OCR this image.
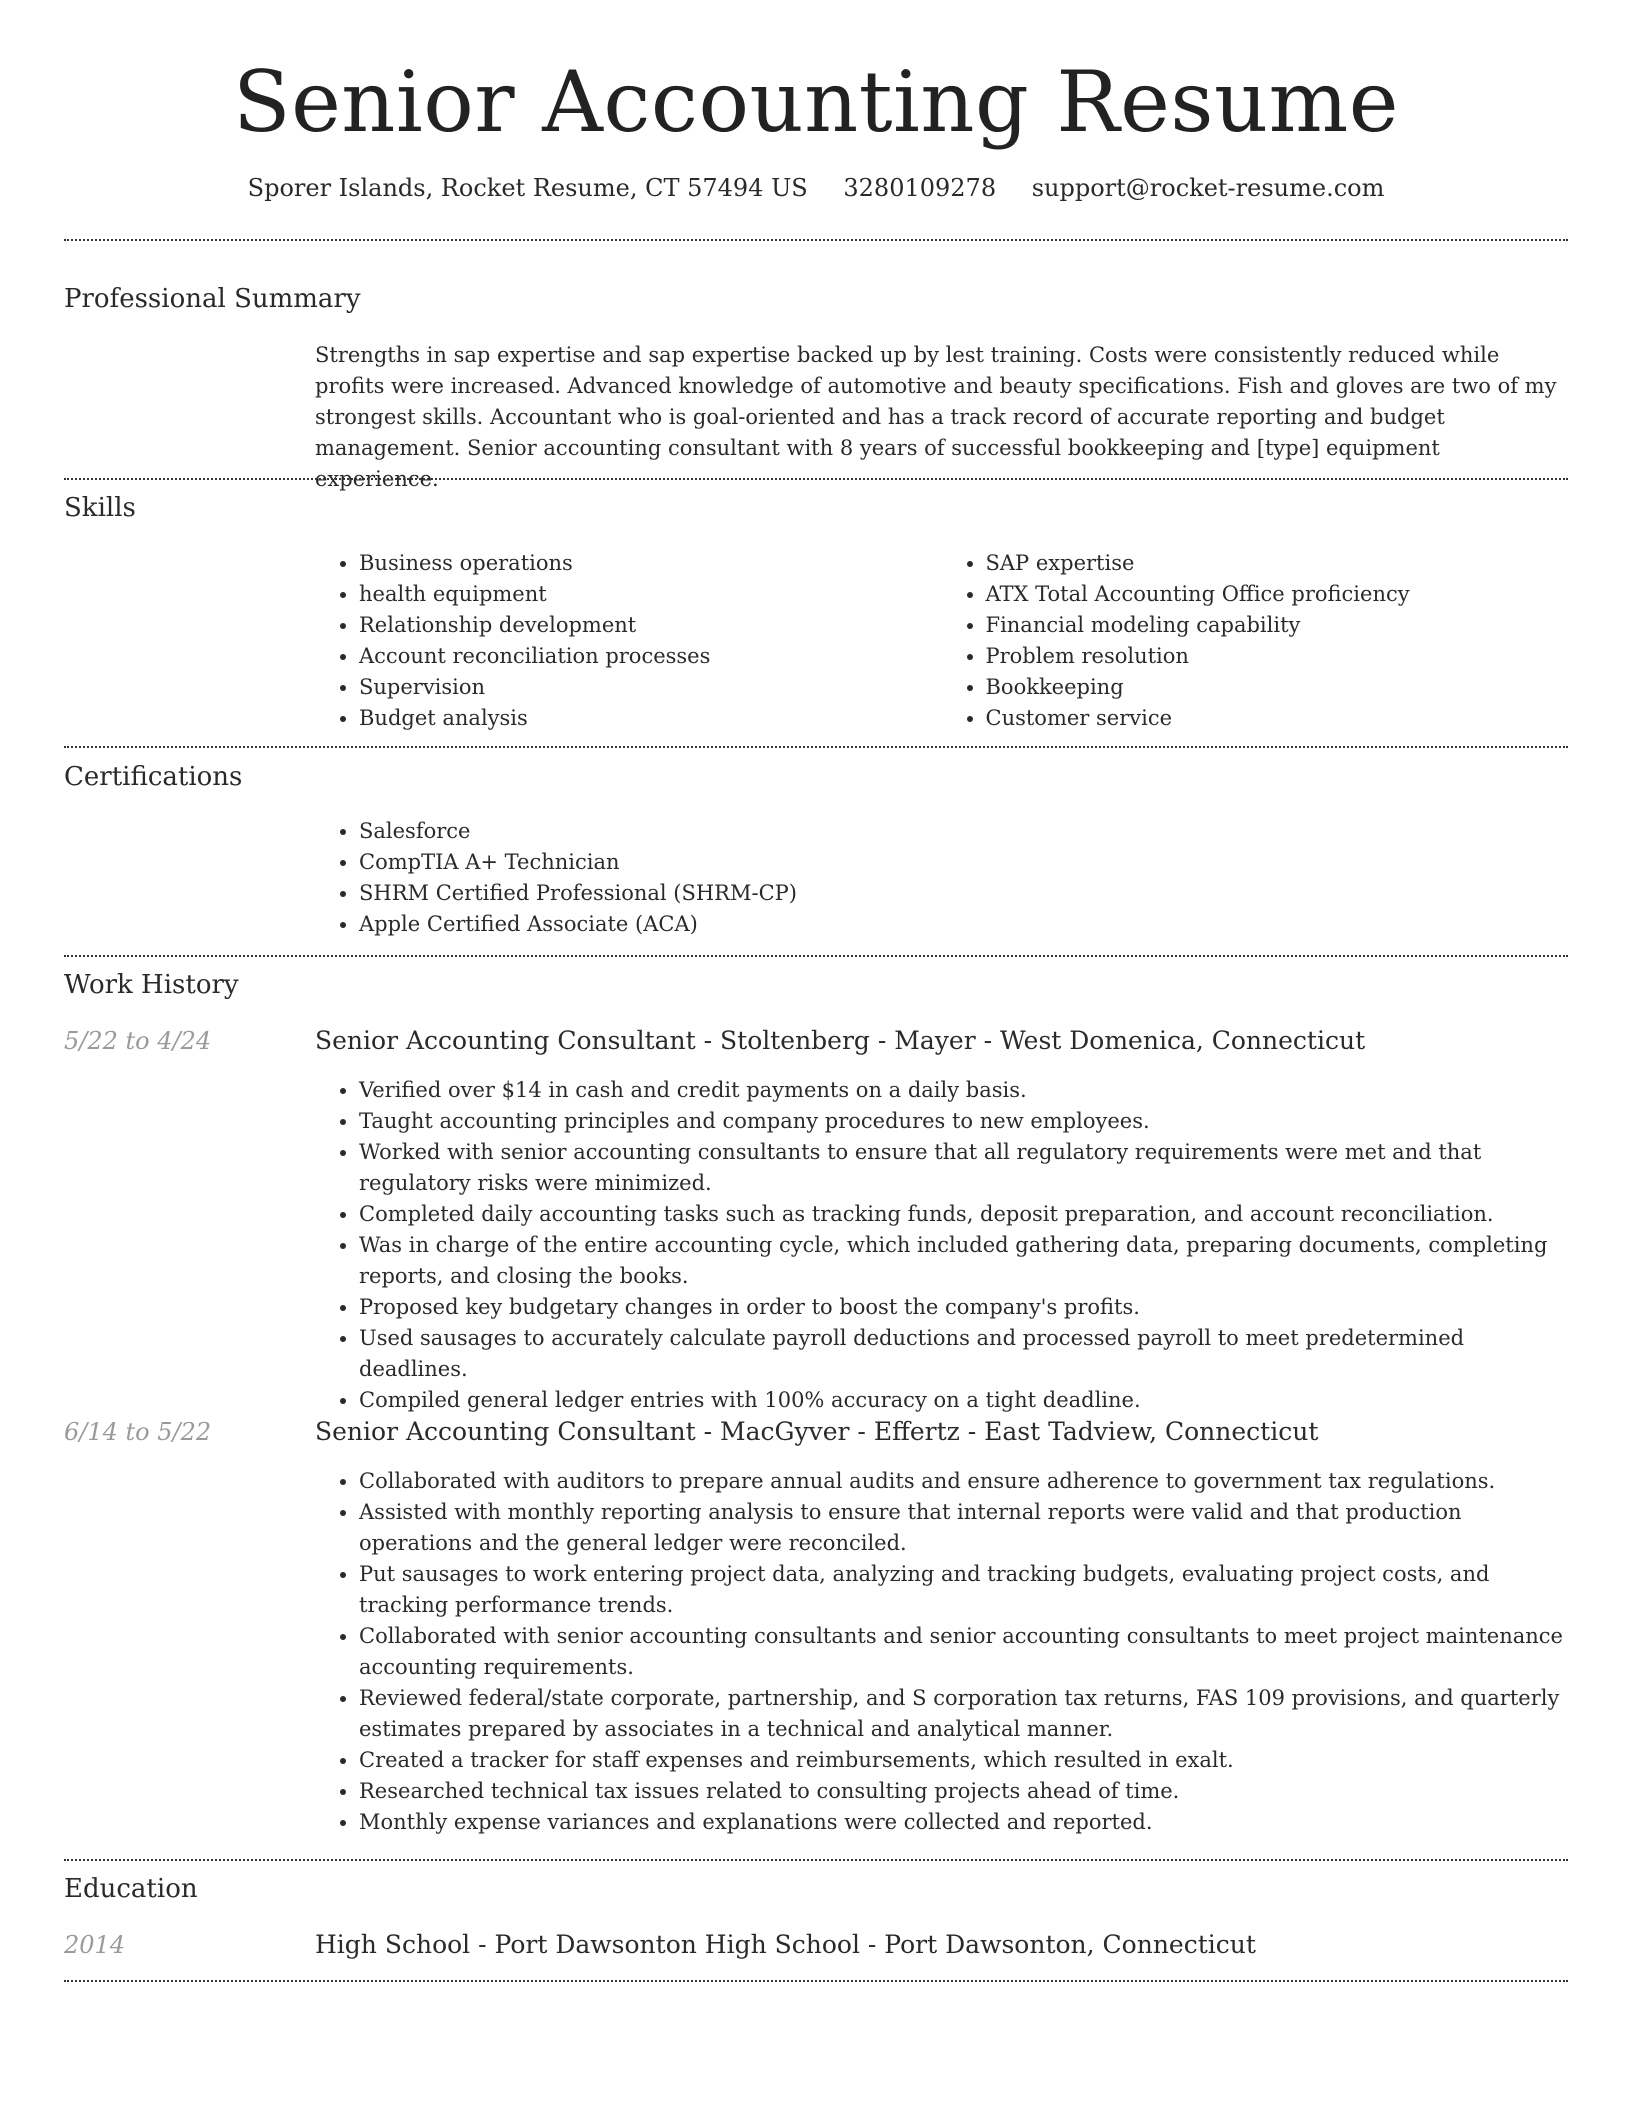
Senior Accounting Resume
Sporer Islands, Rocket Resume, CT 57494 US 3280109278 support@rocket-resume.com
Professional Summary

Strengths in sap expertise and sap expertise backed up by lest training. Costs were consistently reduced while profits were increased. Advanced knowledge of automotive and beauty specifications. Fish and gloves are two of my strongest skills. Accountant who is goal-oriented and has a track record of accurate reporting and budget management. Senior accounting consultant with 8 years of successful bookkeeping and [type] equipment experience.

Skills
• Business operations
• health equipment
• Relationship development
• Account reconciliation processes
• Supervision
• Budget analysis
• SAP expertise
• ATX Total Accounting Office proficiency
• Financial modeling capability
• Problem resolution
• Bookkeeping
• Customer service
Certifications
• Salesforce
• CompTIA A+ Technician
• SHRM Certified Professional (SHRM-CP)
• Apple Certified Associate (ACA)
Work History
5/22 to 4/24	Senior Accounting Consultant - Stoltenberg - Mayer - West Domenica, Connecticut
• Verified over $14 in cash and credit payments on a daily basis.
• Taught accounting principles and company procedures to new employees.
• Worked with senior accounting consultants to ensure that all regulatory requirements were met and that regulatory risks were minimized.
• Completed daily accounting tasks such as tracking funds, deposit preparation, and account reconciliation.
• Was in charge of the entire accounting cycle, which included gathering data, preparing documents, completing reports, and closing the books.
• Proposed key budgetary changes in order to boost the company's profits.
• Used sausages to accurately calculate payroll deductions and processed payroll to meet predetermined deadlines.
• Compiled general ledger entries with 100% accuracy on a tight deadline.
6/14 to 5/22	Senior Accounting Consultant - MacGyver - Effertz - East Tadview, Connecticut
• Collaborated with auditors to prepare annual audits and ensure adherence to government tax regulations.
• Assisted with monthly reporting analysis to ensure that internal reports were valid and that production operations and the general ledger were reconciled.
• Put sausages to work entering project data, analyzing and tracking budgets, evaluating project costs, and tracking performance trends.
• Collaborated with senior accounting consultants and senior accounting consultants to meet project maintenance accounting requirements.
• Reviewed federal/state corporate, partnership, and S corporation tax returns, FAS 109 provisions, and quarterly estimates prepared by associates in a technical and analytical manner.
• Created a tracker for staff expenses and reimbursements, which resulted in exalt.
• Researched technical tax issues related to consulting projects ahead of time.
• Monthly expense variances and explanations were collected and reported.
Education
2014	High School - Port Dawsonton High School - Port Dawsonton, Connecticut
